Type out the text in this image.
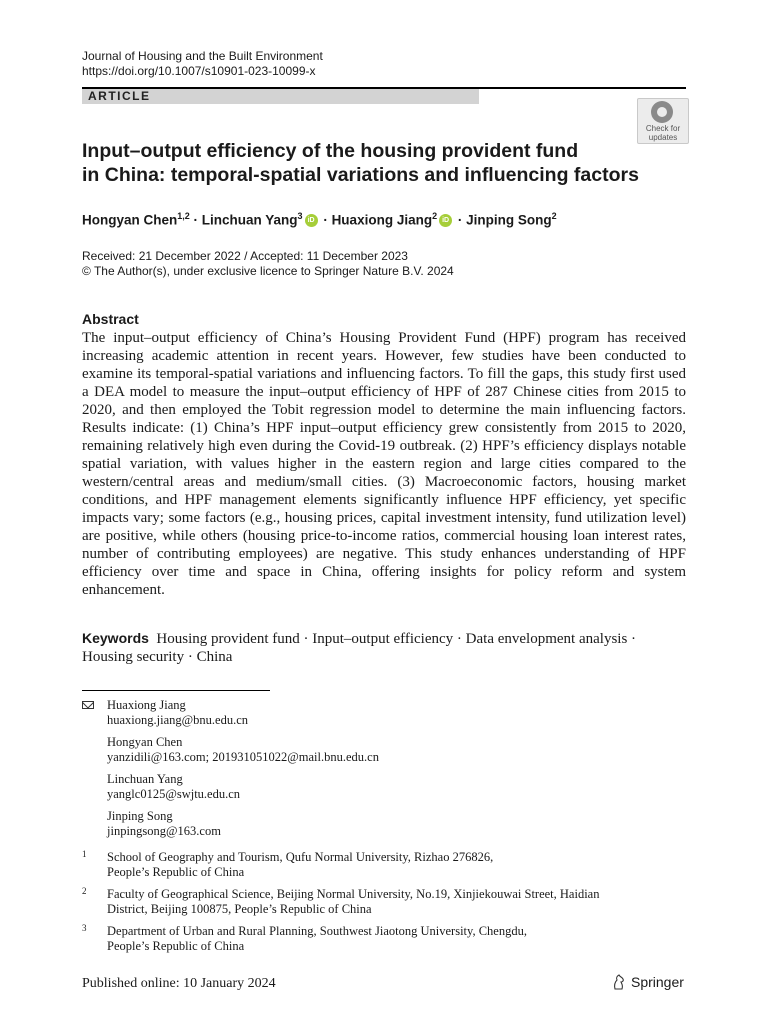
Journal of Housing and the Built Environment
https://doi.org/10.1007/s10901-023-10099-x
ARTICLE
Check for
updates
Input–output efficiency of the housing provident fund
in China: temporal-spatial variations and influencing factors
Hongyan Chen$^{1,2}$ · Linchuan Yang$^3$ iD · Huaxiong Jiang$^2$ iD · Jinping Song$^2$
Received: 21 December 2022 / Accepted: 11 December 2023
© The Author(s), under exclusive licence to Springer Nature B.V. 2024
Abstract
The input–output efficiency of China’s Housing Provident Fund (HPF) program has received increasing academic attention in recent years. However, few studies have been conducted to examine its temporal-spatial variations and influencing factors. To fill the gaps, this study first used a DEA model to measure the input–output efficiency of HPF of 287 Chinese cities from 2015 to 2020, and then employed the Tobit regression model to determine the main influencing factors. Results indicate: (1) China’s HPF input–output efficiency grew consistently from 2015 to 2020, remaining relatively high even during the Covid-19 outbreak. (2) HPF’s efficiency displays notable spatial variation, with values higher in the eastern region and large cities compared to the western/central areas and medium/small cities. (3) Macroeconomic factors, housing market conditions, and HPF management elements significantly influence HPF efficiency, yet specific impacts vary; some factors (e.g., housing prices, capital investment intensity, fund utilization level) are positive, while others (housing price-to-income ratios, commercial housing loan interest rates, number of contributing employees) are negative. This study enhances understanding of HPF efficiency over time and space in China, offering insights for policy reform and system enhancement.
Keywords Housing provident fund · Input–output efficiency · Data envelopment analysis · Housing security · China
Huaxiong Jiang
huaxiong.jiang@bnu.edu.cn
Hongyan Chen
yanzidili@163.com; 201931051022@mail.bnu.edu.cn
Linchuan Yang
yanglc0125@swjtu.edu.cn
Jinping Song
jinpingsong@163.com
1 School of Geography and Tourism, Qufu Normal University, Rizhao 276826,
People’s Republic of China
2 Faculty of Geographical Science, Beijing Normal University, No.19, Xinjiekouwai Street, Haidian
District, Beijing 100875, People’s Republic of China
3 Department of Urban and Rural Planning, Southwest Jiaotong University, Chengdu,
People’s Republic of China
Published online: 10 January 2024	Springer
